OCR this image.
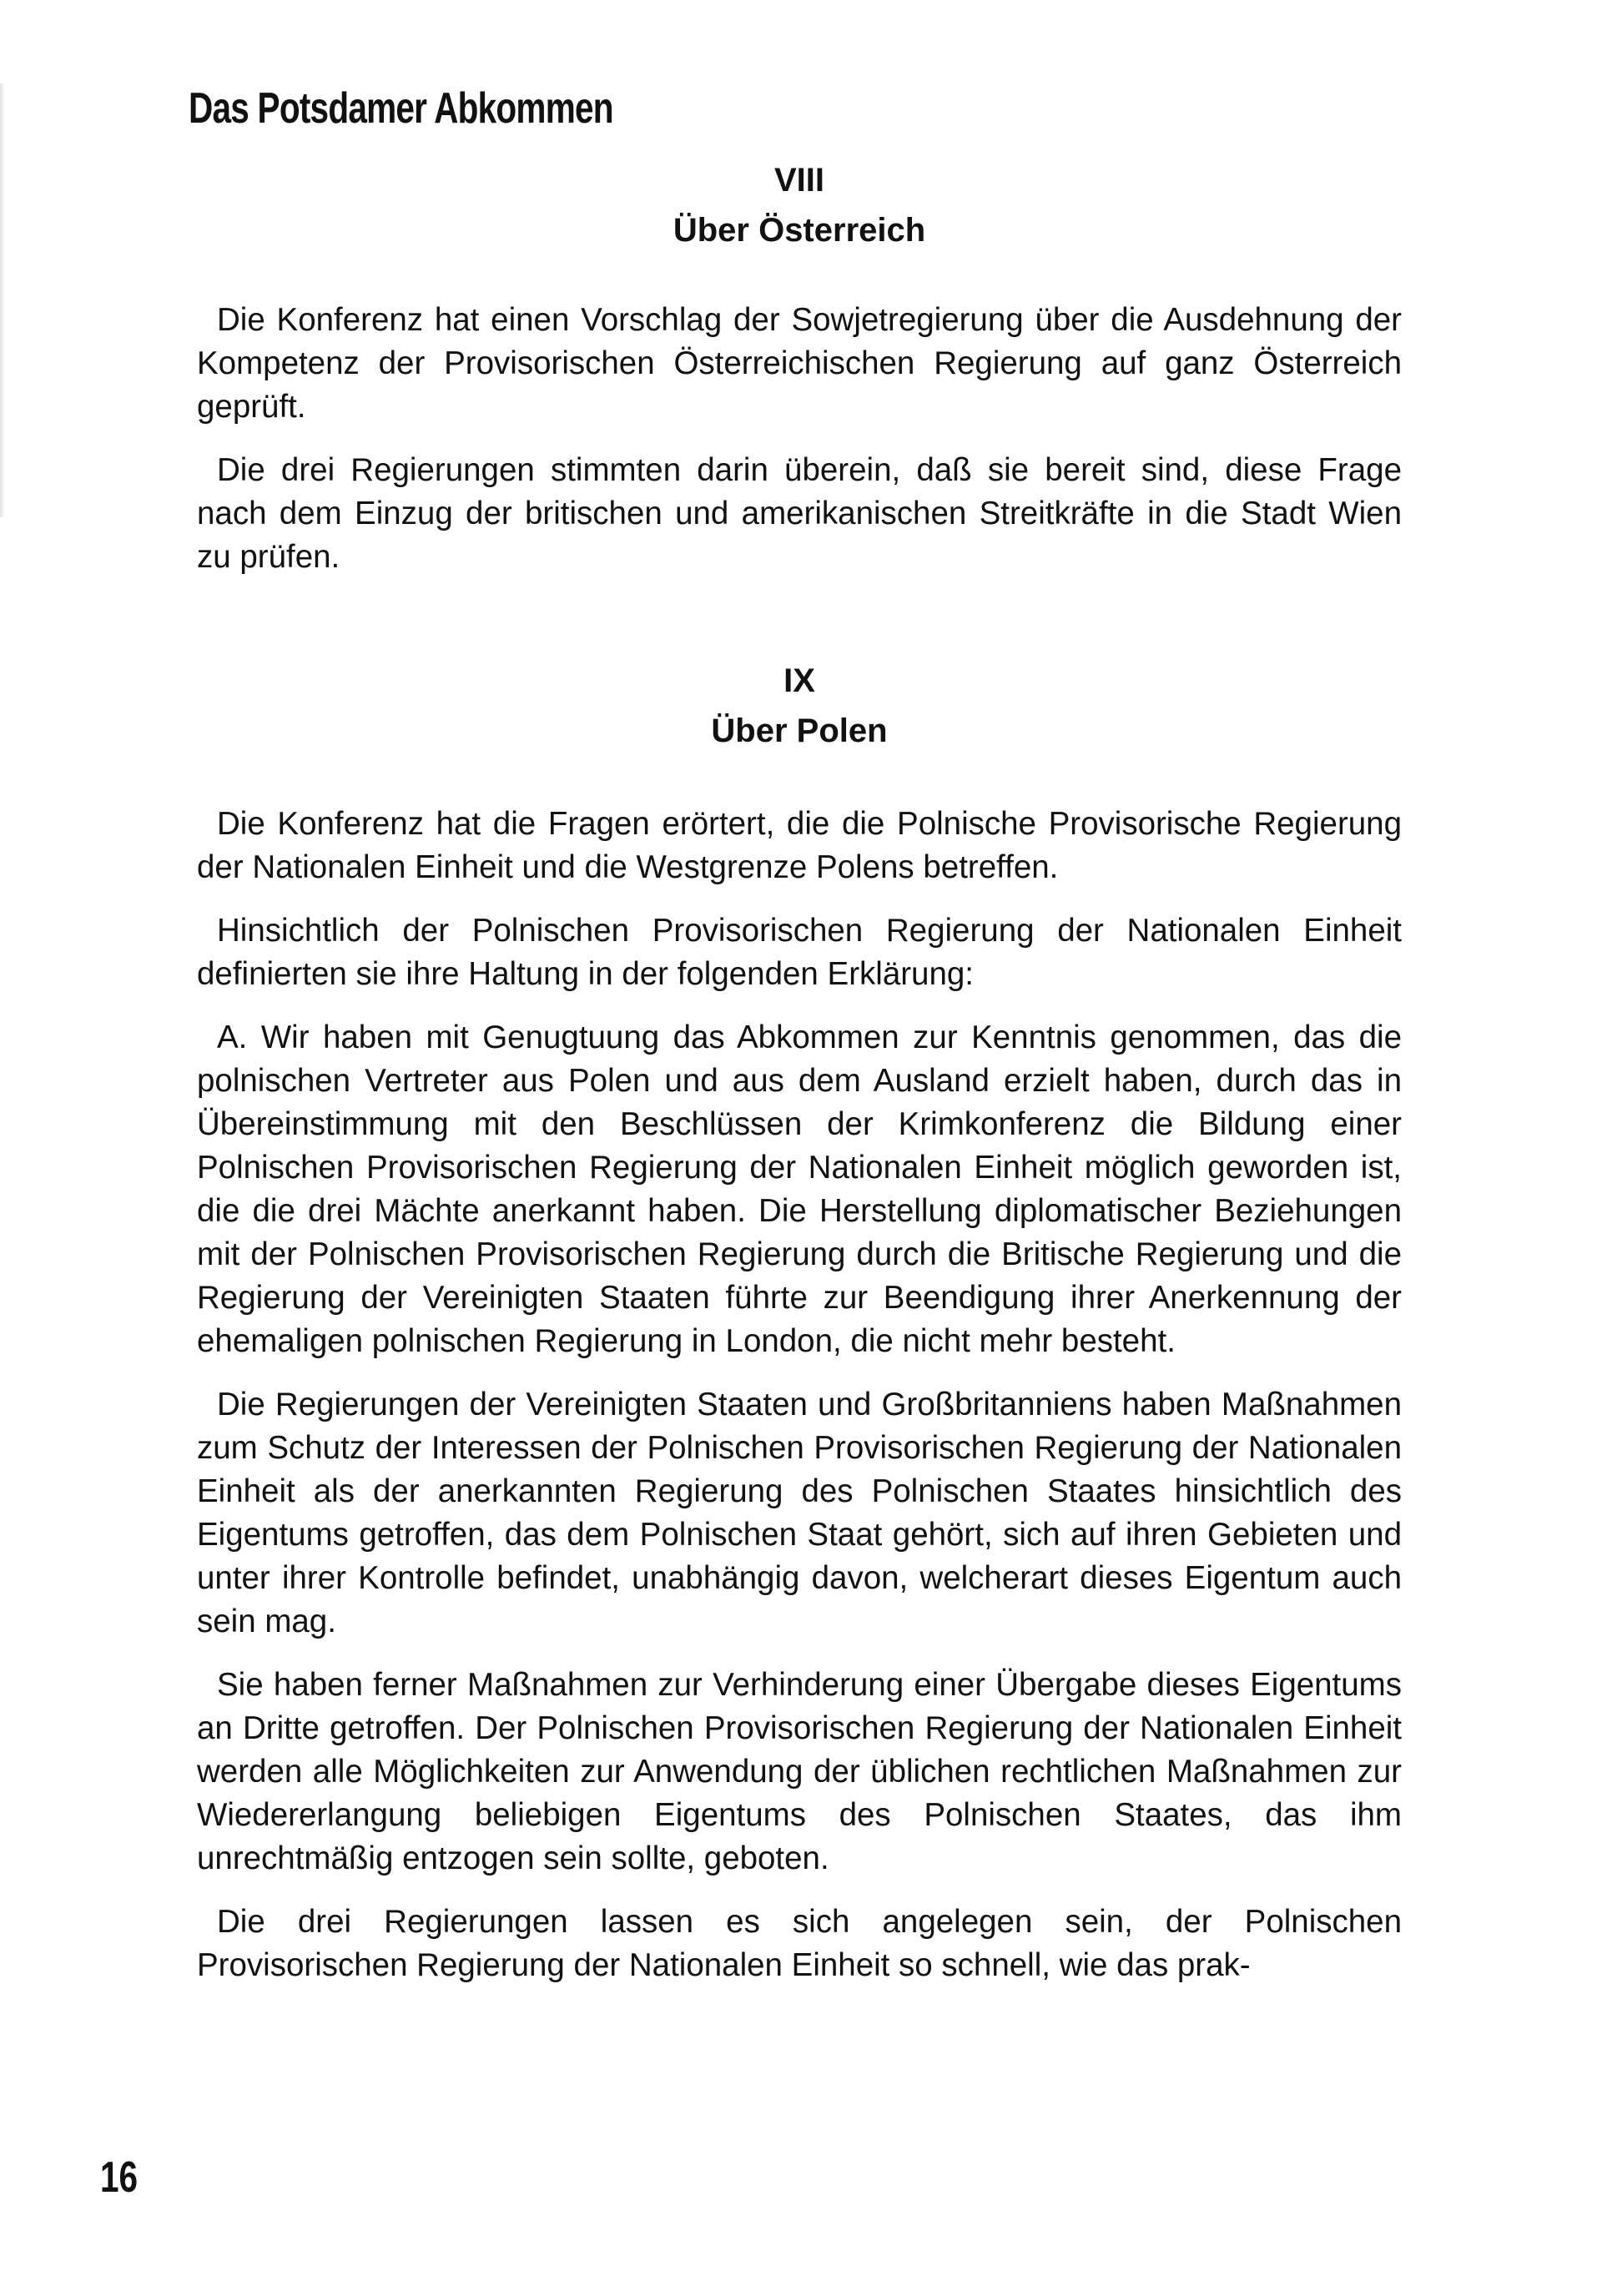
Das Potsdamer Abkommen
VIII
Über Österreich

Die Konferenz hat einen Vorschlag der Sowjetregierung über die Ausdehnung der Kompetenz der Provisorischen Österreichischen Regierung auf ganz Österreich geprüft.

Die drei Regierungen stimmten darin überein, daß sie bereit sind, diese Frage nach dem Einzug der britischen und amerikanischen Streitkräfte in die Stadt Wien zu prüfen.

IX
Über Polen

Die Konferenz hat die Fragen erörtert, die die Polnische Provisorische Regierung der Nationalen Einheit und die Westgrenze Polens betreffen.

Hinsichtlich der Polnischen Provisorischen Regierung der Nationalen Einheit definierten sie ihre Haltung in der folgenden Erklärung:

A. Wir haben mit Genugtuung das Abkommen zur Kenntnis genommen, das die polnischen Vertreter aus Polen und aus dem Ausland erzielt haben, durch das in Übereinstimmung mit den Beschlüssen der Krimkonferenz die Bildung einer Polnischen Provisorischen Regierung der Nationalen Einheit möglich geworden ist, die die drei Mächte anerkannt haben. Die Herstellung diplomatischer Beziehungen mit der Polnischen Provisorischen Regierung durch die Britische Regierung und die Regierung der Vereinigten Staaten führte zur Beendigung ihrer Anerkennung der ehemaligen polnischen Regierung in London, die nicht mehr besteht.

Die Regierungen der Vereinigten Staaten und Großbritanniens haben Maßnahmen zum Schutz der Interessen der Polnischen Provisorischen Regierung der Nationalen Einheit als der anerkannten Regierung des Polnischen Staates hinsichtlich des Eigentums getroffen, das dem Polnischen Staat gehört, sich auf ihren Gebieten und unter ihrer Kontrolle befindet, unabhängig davon, welcherart dieses Eigentum auch sein mag.

Sie haben ferner Maßnahmen zur Verhinderung einer Übergabe dieses Eigentums an Dritte getroffen. Der Polnischen Provisorischen Regierung der Nationalen Einheit werden alle Möglichkeiten zur Anwendung der üblichen rechtlichen Maßnahmen zur Wiedererlangung beliebigen Eigentums des Polnischen Staates, das ihm unrechtmäßig entzogen sein sollte, geboten.

Die drei Regierungen lassen es sich angelegen sein, der Polnischen Provisorischen Regierung der Nationalen Einheit so schnell, wie das prak-

16
